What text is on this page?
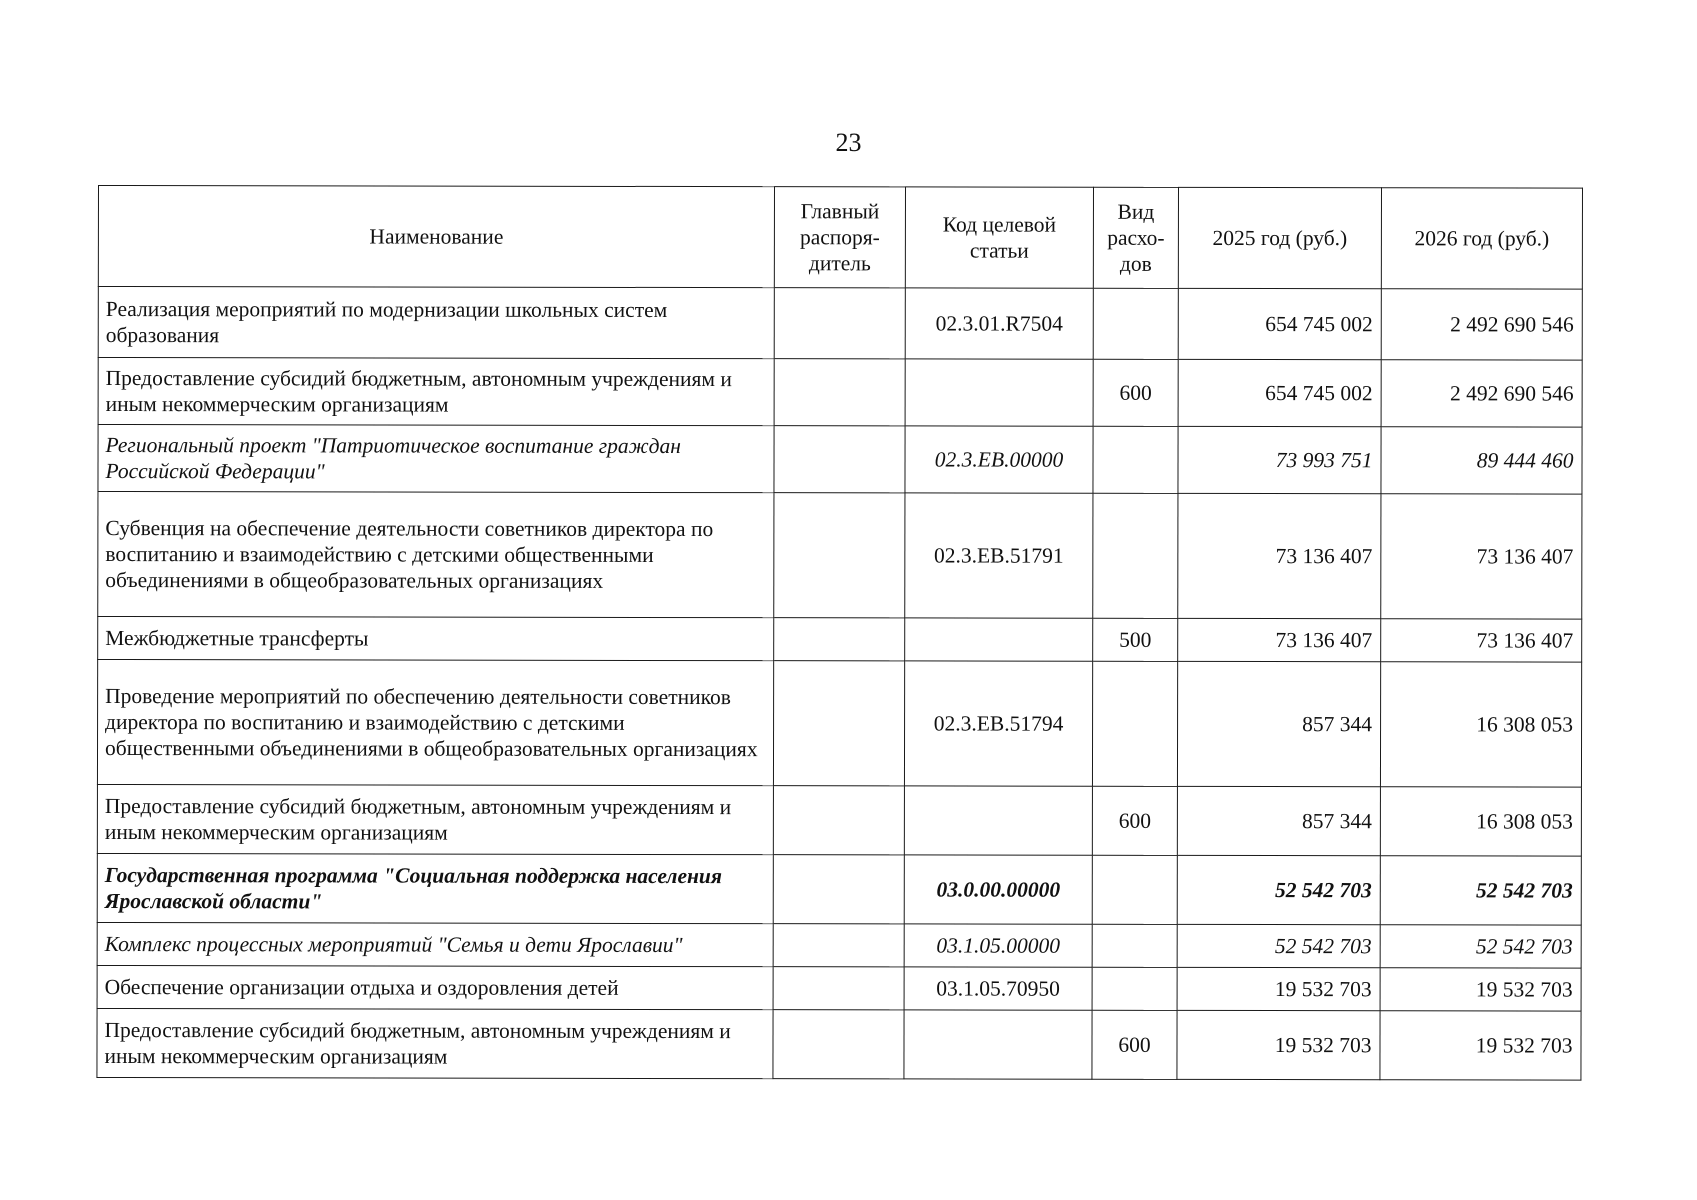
23
Наименование	Главный распоря-дитель	Код целевой статьи	Вид расхо-дов	2025 год (руб.)	2026 год (руб.)
Реализация мероприятий по модернизации школьных систем образования		02.3.01.R7504		654 745 002	2 492 690 546
Предоставление субсидий бюджетным, автономным учреждениям и иным некоммерческим организациям			600	654 745 002	2 492 690 546
Региональный проект "Патриотическое воспитание граждан Российской Федерации"		02.3.ЕВ.00000		73 993 751	89 444 460
Субвенция на обеспечение деятельности советников директора по воспитанию и взаимодействию с детскими общественными объединениями в общеобразовательных организациях		02.3.ЕВ.51791		73 136 407	73 136 407
Межбюджетные трансферты			500	73 136 407	73 136 407
Проведение мероприятий по обеспечению деятельности советников директора по воспитанию и взаимодействию с детскими общественными объединениями в общеобразовательных организациях		02.3.ЕВ.51794		857 344	16 308 053
Предоставление субсидий бюджетным, автономным учреждениям и иным некоммерческим организациям			600	857 344	16 308 053
Государственная программа "Социальная поддержка населения Ярославской области"		03.0.00.00000		52 542 703	52 542 703
Комплекс процессных мероприятий "Семья и дети Ярославии"		03.1.05.00000		52 542 703	52 542 703
Обеспечение организации отдыха и оздоровления детей		03.1.05.70950		19 532 703	19 532 703
Предоставление субсидий бюджетным, автономным учреждениям и иным некоммерческим организациям			600	19 532 703	19 532 703
